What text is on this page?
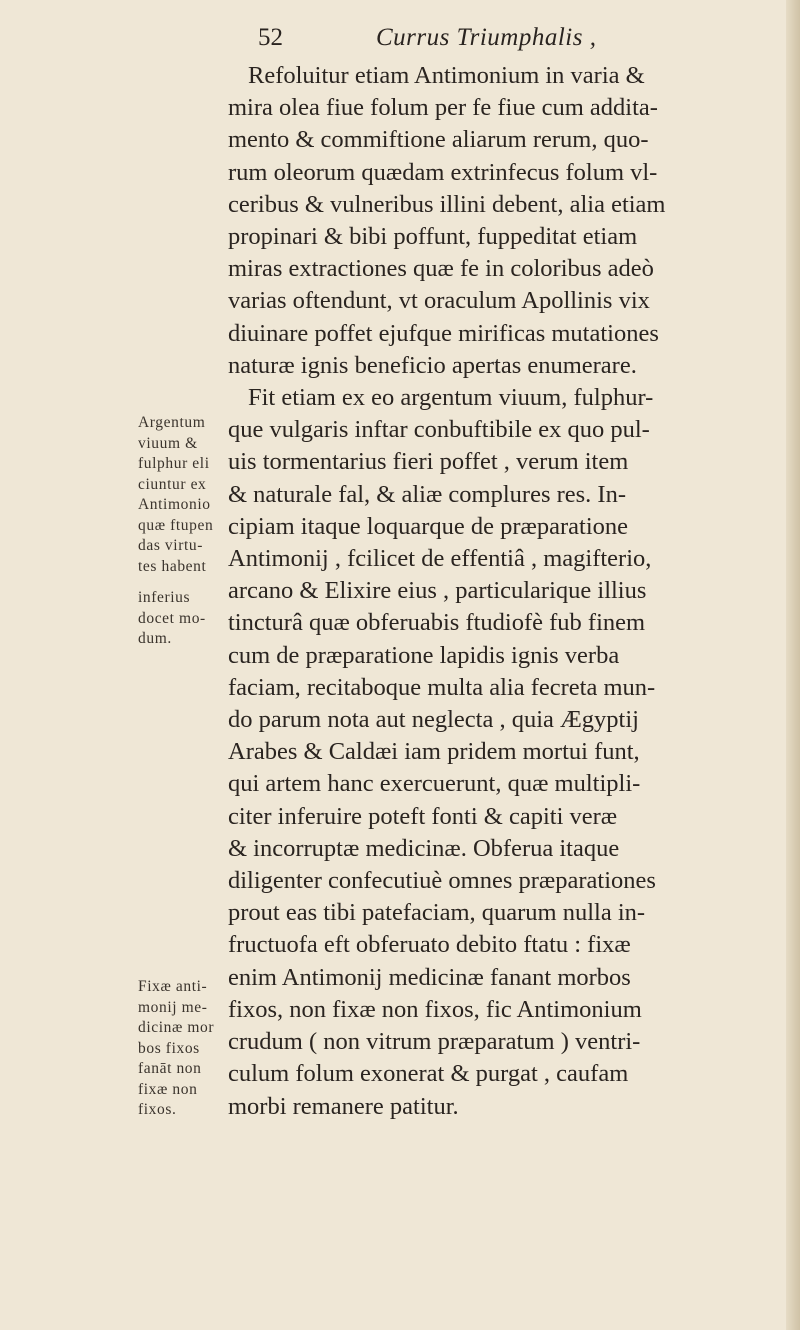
52	Currus Triumphalis ,
Refoluitur etiam Antimonium in varia &
mira olea fiue folum per fe fiue cum addita-
mento & commiftione aliarum rerum, quo-
rum oleorum quædam extrinfecus folum vl-
ceribus & vulneribus illini debent, alia etiam
propinari & bibi poffunt, fuppeditat etiam
miras extractiones quæ fe in coloribus adeò
varias oftendunt, vt oraculum Apollinis vix
diuinare poffet ejufque mirificas mutationes
naturæ ignis beneficio apertas enumerare.
Fit etiam ex eo argentum viuum, fulphur-
que vulgaris inftar conbuftibile ex quo pul-
uis tormentarius fieri poffet , verum item
& naturale fal, & aliæ complures res. In-
cipiam itaque loquarque de præparatione
Antimonij , fcilicet de effentiâ , magifterio,
arcano & Elixire eius , particularique illius
tincturâ quæ obferuabis ftudiofè fub finem
cum de præparatione lapidis ignis verba
faciam, recitaboque multa alia fecreta mun-
do parum nota aut neglecta , quia Ægyptij
Arabes & Caldæi iam pridem mortui funt,
qui artem hanc exercuerunt, quæ multipli-
citer inferuire poteft fonti & capiti veræ
& incorruptæ medicinæ. Obferua itaque
diligenter confecutiuè omnes præparationes
prout eas tibi patefaciam, quarum nulla in-
fructuofa eft obferuato debito ftatu : fixæ
enim Antimonij medicinæ fanant morbos
fixos, non fixæ non fixos, fic Antimonium
crudum ( non vitrum præparatum ) ventri-
culum folum exonerat & purgat , caufam
morbi remanere patitur.
Argentum
viuum &
fulphur eli
ciuntur ex
Antimonio
quæ ftupen
das virtu-
tes habent
inferius
docet mo-
dum.
Fixæ anti-
monij me-
dicinæ mor
bos fixos
fanāt non
fixæ non
fixos.
